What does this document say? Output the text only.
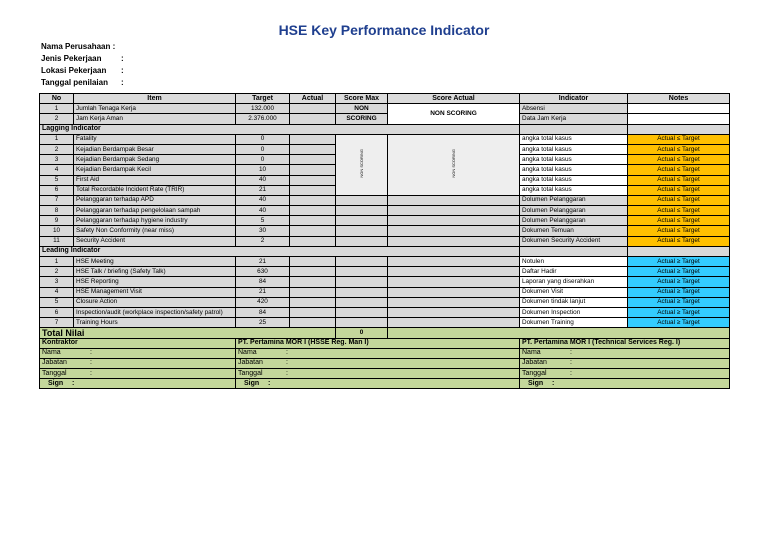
HSE Key Performance Indicator
Nama Perusahaan :
Jenis Pekerjaan	:
Lokasi Pekerjaan	:
Tanggal penilaian	:
No	Item	Target	Actual	Score Max	Score Actual	Indicator	Notes
1	Jumlah Tenaga Kerja	132.000		NON	NON SCORING	Absensi	
2	Jam Kerja Aman	2.376.000		SCORING		Data Jam Kerja	
Lagging Indicator							
1	Fatality	0		NON SCORING	NON SCORING	angka total kasus	Actual ≤ Target
2	Kejadian Berdampak Besar	0				angka total kasus	Actual ≤ Target
3	Kejadian Berdampak Sedang	0				angka total kasus	Actual ≤ Target
4	Kejadian Berdampak Kecil	10				angka total kasus	Actual ≤ Target
5	First Aid	40				angka total kasus	Actual ≤ Target
6	Total Recordable Incident Rate (TRIR)	21				angka total kasus	Actual ≤ Target
7	Pelanggaran terhadap APD	40				Dolumen Pelanggaran	Actual ≤ Target
8	Pelanggaran terhadap pengelolaan sampah	40				Dolumen Pelanggaran	Actual ≤ Target
9	Pelanggaran terhadap hygiene industry	5				Dolumen Pelanggaran	Actual ≤ Target
10	Safety Non Conformity (near miss)	30				Dokumen Temuan	Actual ≤ Target
11	Security Accident	2				Dokumen Security Accident	Actual ≤ Target
Leading Indicator							
1	HSE Meeting	21				Notulen	Actual ≥ Target
2	HSE Talk / briefing (Safety Talk)	630				Daftar Hadir	Actual ≥ Target
3	HSE Reporting	84				Laporan yang diserahkan	Actual ≥ Target
4	HSE Management Visit	21				Dokumen Visit	Actual ≥ Target
5	Closure Action	420				Dokumen tindak lanjut	Actual ≥ Target
6	Inspection/audit (workplace inspection/safety patrol)	84				Dokumen Inspection	Actual ≥ Target
7	Training Hours	25				Dokumen Training	Actual ≥ Target
Total Nilai				0			
Kontraktor		PT. Pertamina MOR I (HSSE Reg. Man I)				PT. Pertamina MOR I (Technical Services Reg. I)	
Nama :		Nama :				Nama :	
Jabatan :		Jabatan :				Jabatan :	
Tanggal :		Tanggal :				Tanggal :	
Sign :		Sign :				Sign :	
